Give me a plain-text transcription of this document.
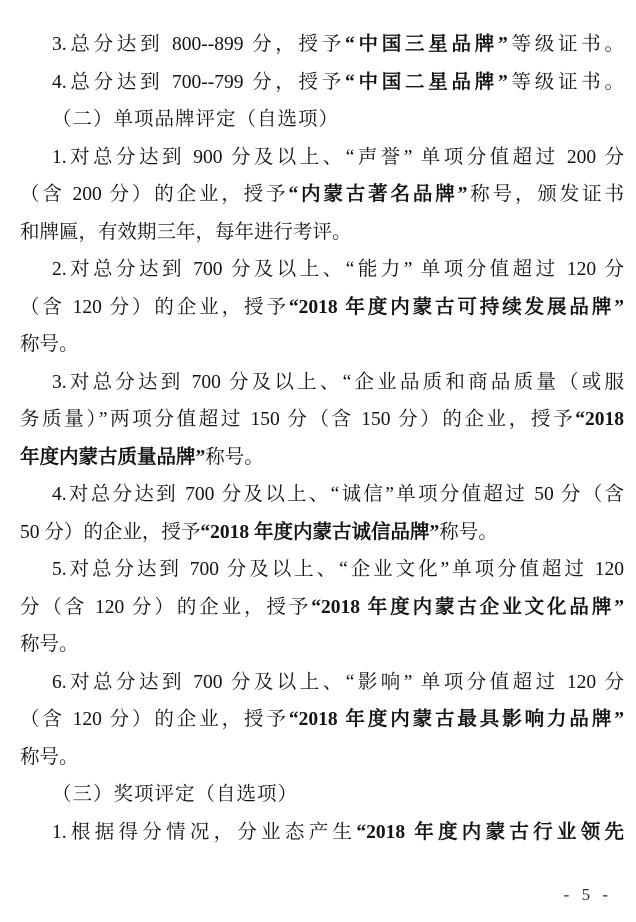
3.总分达到 800--899 分，授予“中国三星品牌”等级证书。
4.总分达到 700--799 分，授予“中国二星品牌”等级证书。
（二）单项品牌评定（自选项）
1.对总分达到 900 分及以上、“声誉” 单项分值超过 200 分
（含 200 分）的企业，授予“内蒙古著名品牌”称号，颁发证书
和牌匾，有效期三年，每年进行考评。
2.对总分达到 700 分及以上、“能力” 单项分值超过 120 分
（含 120 分）的企业，授予“2018 年度内蒙古可持续发展品牌”
称号。
3.对总分达到 700 分及以上、“企业品质和商品质量（或服
务质量）”两项分值超过 150 分（含 150 分）的企业，授予“2018
年度内蒙古质量品牌”称号。
4.对总分达到 700 分及以上、“诚信”单项分值超过 50 分（含
50 分）的企业，授予“2018 年度内蒙古诚信品牌”称号。
5.对总分达到 700 分及以上、“企业文化”单项分值超过 120
分（含 120 分）的企业，授予“2018 年度内蒙古企业文化品牌”
称号。
6.对总分达到 700 分及以上、“影响” 单项分值超过 120 分
（含 120 分）的企业，授予“2018 年度内蒙古最具影响力品牌”
称号。
（三）奖项评定（自选项）
1.根据得分情况，分业态产生“2018 年度内蒙古行业领先
- 5 -
